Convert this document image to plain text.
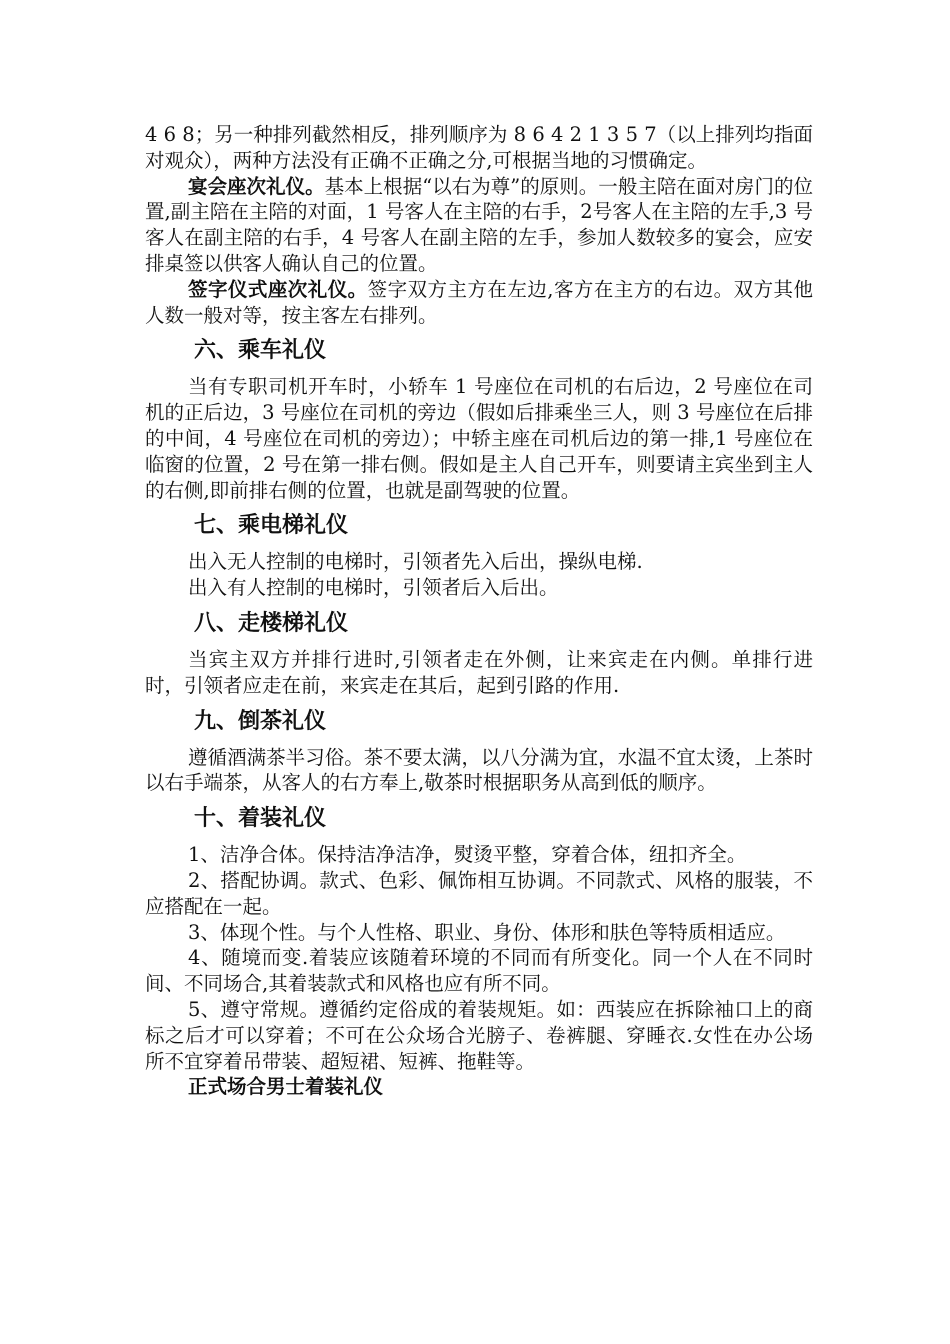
4 6 8；另一种排列截然相反，排列顺序为 8 6 4 2 1 3 5 7（以上排列均指面对观众），两种方法没有正确不正确之分,可根据当地的习惯确定。

宴会座次礼仪。基本上根据“以右为尊”的原则。一般主陪在面对房门的位置,副主陪在主陪的对面，1 号客人在主陪的右手，2号客人在主陪的左手,3 号客人在副主陪的右手，4 号客人在副主陪的左手，参加人数较多的宴会，应安排桌签以供客人确认自己的位置。

签字仪式座次礼仪。签字双方主方在左边,客方在主方的右边。双方其他人数一般对等，按主客左右排列。

六、乘车礼仪

当有专职司机开车时，小轿车 1 号座位在司机的右后边，2 号座位在司机的正后边，3 号座位在司机的旁边（假如后排乘坐三人，则 3 号座位在后排的中间，4 号座位在司机的旁边）；中轿主座在司机后边的第一排,1 号座位在临窗的位置，2 号在第一排右侧。假如是主人自己开车，则要请主宾坐到主人的右侧,即前排右侧的位置，也就是副驾驶的位置。

七、乘电梯礼仪

出入无人控制的电梯时，引领者先入后出，操纵电梯.

出入有人控制的电梯时，引领者后入后出。

八、走楼梯礼仪

当宾主双方并排行进时,引领者走在外侧，让来宾走在内侧。单排行进时，引领者应走在前，来宾走在其后，起到引路的作用.

九、倒茶礼仪

遵循酒满茶半习俗。茶不要太满，以八分满为宜，水温不宜太烫，上茶时以右手端茶，从客人的右方奉上,敬茶时根据职务从高到低的顺序。

十、着装礼仪

1、洁净合体。保持洁净洁净，熨烫平整，穿着合体，纽扣齐全。

2、搭配协调。款式、色彩、佩饰相互协调。不同款式、风格的服装，不应搭配在一起。

3、体现个性。与个人性格、职业、身份、体形和肤色等特质相适应。

4、随境而变.着装应该随着环境的不同而有所变化。同一个人在不同时间、不同场合,其着装款式和风格也应有所不同。

5、遵守常规。遵循约定俗成的着装规矩。如：西装应在拆除袖口上的商标之后才可以穿着；不可在公众场合光膀子、卷裤腿、穿睡衣.女性在办公场所不宜穿着吊带装、超短裙、短裤、拖鞋等。

正式场合男士着装礼仪
